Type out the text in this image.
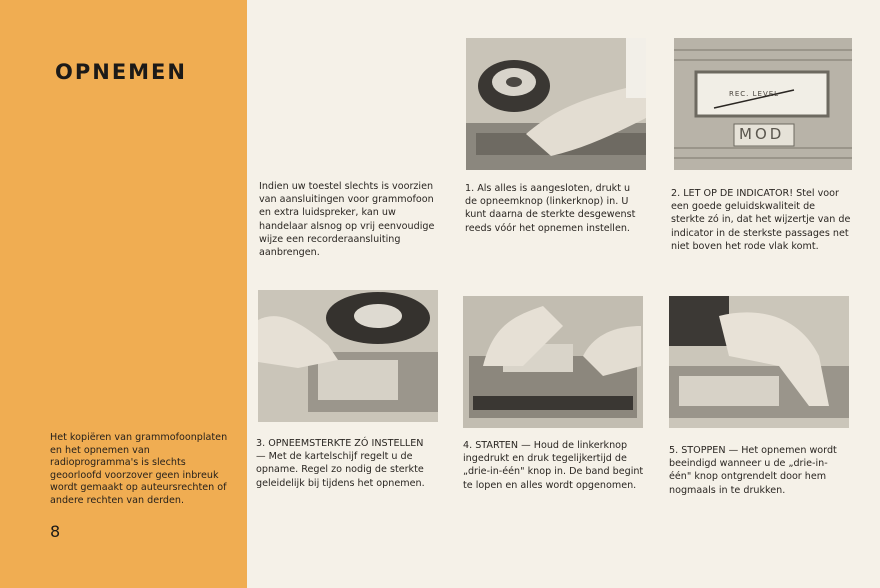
OPNEMEN
Het kopiëren van grammofoonplaten en het opnemen van radioprogramma's is slechts geoorloofd voorzover geen inbreuk wordt gemaakt op auteursrechten of andere rechten van derden.
8
Indien uw toestel slechts is voorzien van aansluitingen voor grammofoon en extra luidspreker, kan uw handelaar alsnog op vrij eenvoudige wijze een recorderaansluiting aanbrengen.
REC. LEVEL
MOD
1. Als alles is aangesloten, drukt u de opneemknop (linkerknop) in. U kunt daarna de sterkte desgewenst reeds vóór het opnemen instellen.
2. LET OP DE INDICATOR! Stel voor een goede geluidskwaliteit de sterkte zó in, dat het wijzertje van de indicator in de sterkste passages net niet boven het rode vlak komt.
3. OPNEEMSTERKTE ZÓ INSTELLEN — Met de kartelschijf regelt u de opname. Regel zo nodig de sterkte geleidelijk bij tijdens het opnemen.
4. STARTEN — Houd de linkerknop ingedrukt en druk tegelijkertijd de „drie-in-één" knop in. De band begint te lopen en alles wordt opgenomen.
5. STOPPEN — Het opnemen wordt beeindigd wanneer u de „drie-in-één" knop ontgrendelt door hem nogmaals in te drukken.
